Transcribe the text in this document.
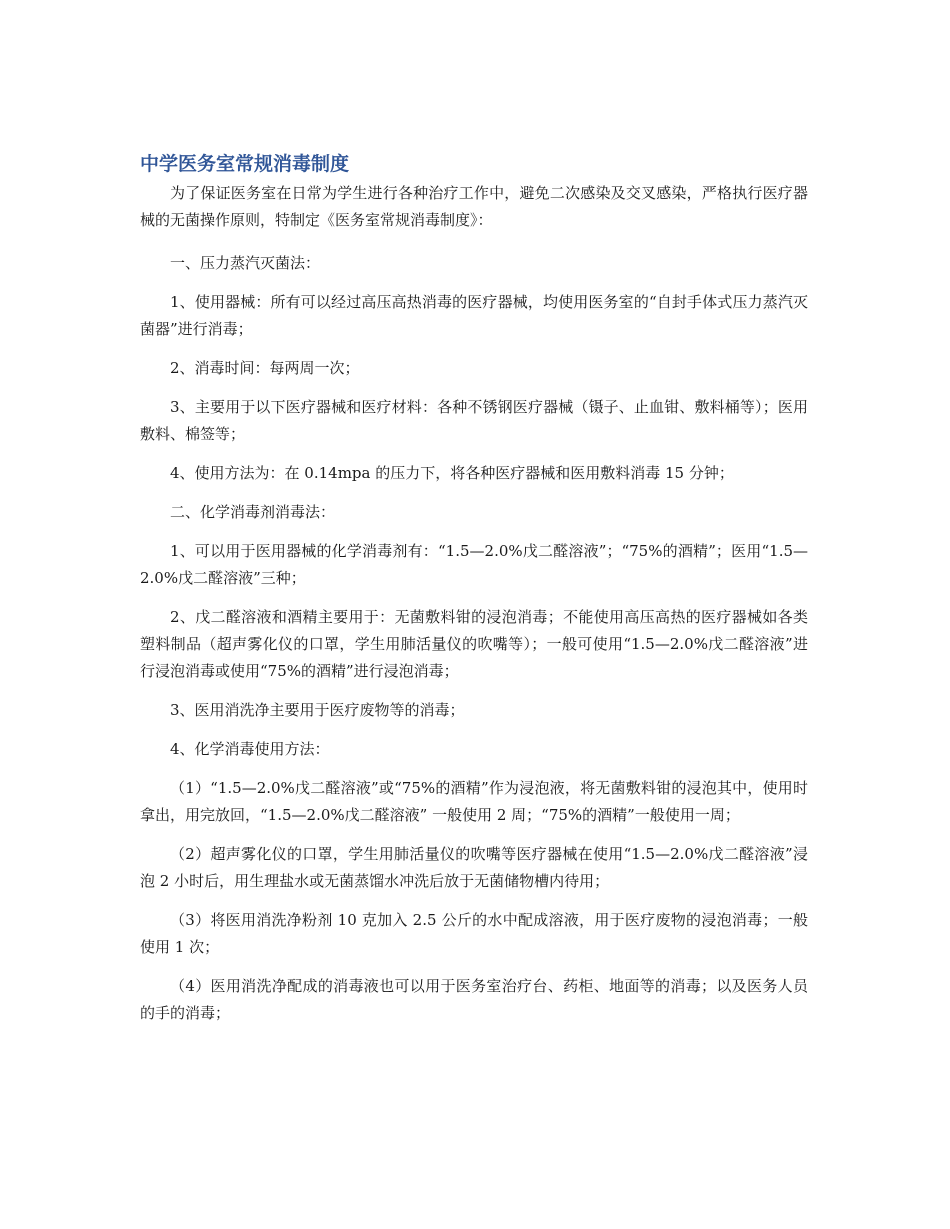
中学医务室常规消毒制度

为了保证医务室在日常为学生进行各种治疗工作中，避免二次感染及交叉感染，严格执行医疗器械的无菌操作原则，特制定《医务室常规消毒制度》：

一、压力蒸汽灭菌法：

1、使用器械：所有可以经过高压高热消毒的医疗器械，均使用医务室的“自封手体式压力蒸汽灭菌器”进行消毒；

2、消毒时间：每两周一次；

3、主要用于以下医疗器械和医疗材料：各种不锈钢医疗器械（镊子、止血钳、敷料桶等）；医用敷料、棉签等；

4、使用方法为：在 0.14mpa 的压力下，将各种医疗器械和医用敷料消毒 15 分钟；

二、化学消毒剂消毒法：

1、可以用于医用器械的化学消毒剂有：“1.5—2.0%戊二醛溶液”；“75%的酒精”；医用“1.5—2.0%戊二醛溶液”三种；

2、戊二醛溶液和酒精主要用于：无菌敷料钳的浸泡消毒；不能使用高压高热的医疗器械如各类塑料制品（超声雾化仪的口罩，学生用肺活量仪的吹嘴等）；一般可使用“1.5—2.0%戊二醛溶液”进行浸泡消毒或使用“75%的酒精”进行浸泡消毒；

3、医用消洗净主要用于医疗废物等的消毒；

4、化学消毒使用方法：

（1）“1.5—2.0%戊二醛溶液”或“75%的酒精”作为浸泡液，将无菌敷料钳的浸泡其中，使用时拿出，用完放回，“1.5—2.0%戊二醛溶液” 一般使用 2 周；“75%的酒精”一般使用一周；

（2）超声雾化仪的口罩，学生用肺活量仪的吹嘴等医疗器械在使用“1.5—2.0%戊二醛溶液”浸泡 2 小时后，用生理盐水或无菌蒸馏水冲洗后放于无菌储物槽内待用；

（3）将医用消洗净粉剂 10 克加入 2.5 公斤的水中配成溶液，用于医疗废物的浸泡消毒；一般使用 1 次；

（4）医用消洗净配成的消毒液也可以用于医务室治疗台、药柜、地面等的消毒；以及医务人员的手的消毒；
